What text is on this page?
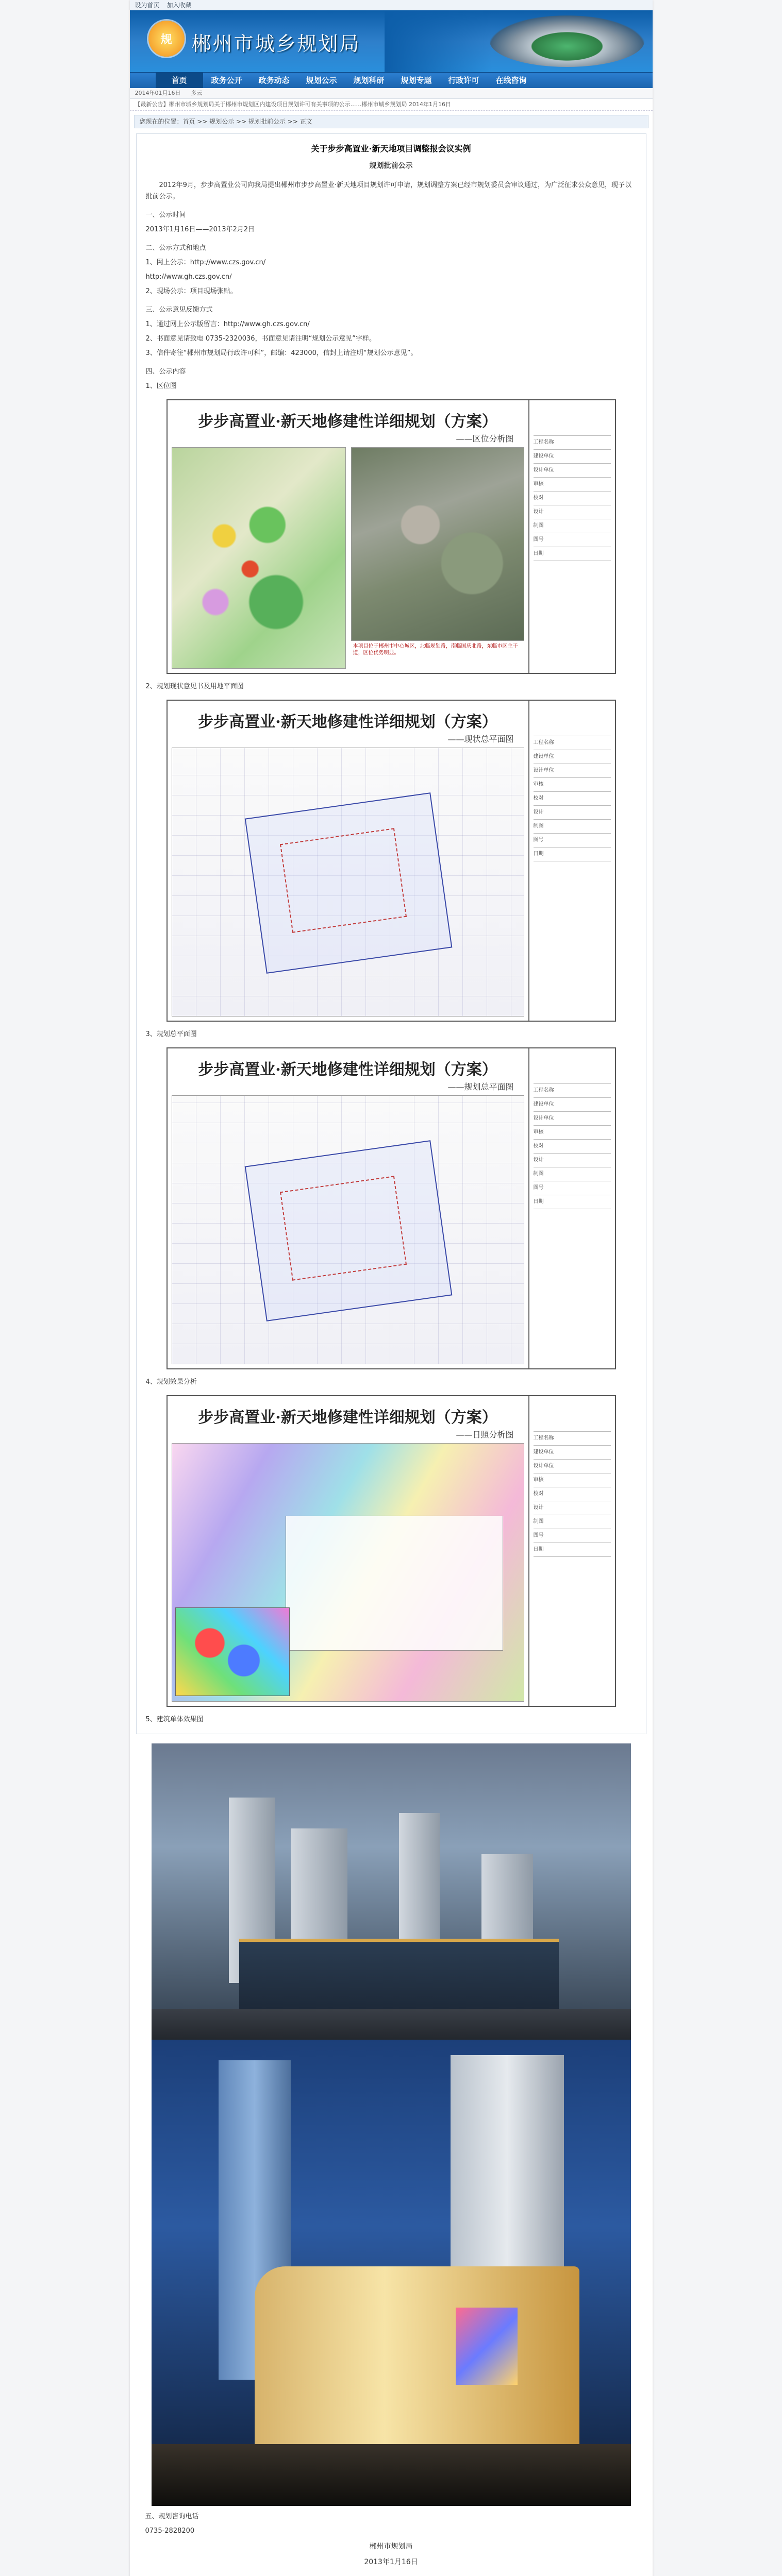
设为首页 加入收藏
规	郴州市城乡规划局
首页	政务公开	政务动态	规划公示	规划科研	规划专题	行政许可	在线咨询
2014年01月16日 多云
【最新公告】郴州市城乡规划局关于郴州市规划区内建设项目规划许可有关事项的公示……郴州市城乡规划局 2014年1月16日
您现在的位置：首页 >> 规划公示 >> 规划批前公示 >> 正文
关于步步高置业·新天地项目调整报会议实例
规划批前公示

2012年9月，步步高置业公司向我局提出郴州市步步高置业·新天地项目规划许可申请，规划调整方案已经市规划委员会审议通过，为广泛征求公众意见，现予以批前公示。

一、公示时间

2013年1月16日——2013年2月2日

二、公示方式和地点

1、网上公示：http://www.czs.gov.cn/

http://www.gh.czs.gov.cn/

2、现场公示：项目现场张贴。

三、公示意见反馈方式

1、通过网上公示版留言：http://www.gh.czs.gov.cn/

2、书面意见请致电 0735-2320036，书面意见请注明“规划公示意见”字样。

3、信件寄往“郴州市规划局行政许可科”，邮编：423000，信封上请注明“规划公示意见”。

四、公示内容

1、区位图

步步高置业·新天地修建性详细规划（方案）
——区位分析图
本项目位于郴州市中心城区，北临规划路，南临国庆北路，东临市区主干道，区位优势明显。
工程名称
建设单位
设计单位
审核
校对
设计
制图
图号
日期

2、规划现状意见书及用地平面图

步步高置业·新天地修建性详细规划（方案）
——现状总平面图	工程名称
建设单位
设计单位
审核
校对
设计
制图
图号
日期

3、规划总平面图

步步高置业·新天地修建性详细规划（方案）
——规划总平面图	工程名称
建设单位
设计单位
审核
校对
设计
制图
图号
日期

4、规划效果分析

步步高置业·新天地修建性详细规划（方案）
——日照分析图	工程名称
建设单位
设计单位
审核
校对
设计
制图
图号
日期

5、建筑单体效果图

五、规划咨询电话

0735-2828200

郴州市规划局
2013年1月16日
